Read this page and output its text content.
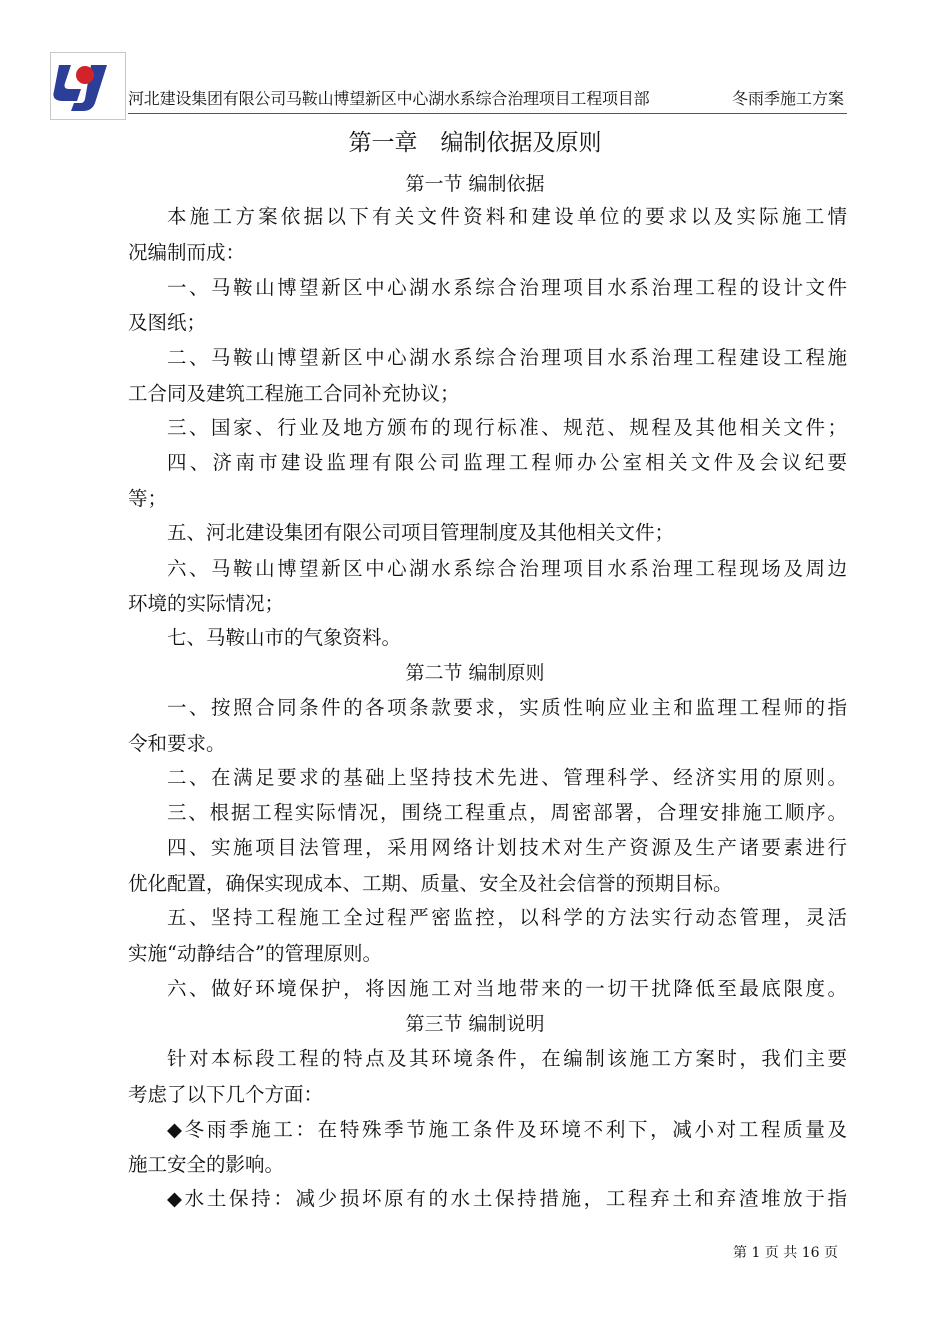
河北建设集团有限公司马鞍山博望新区中心湖水系综合治理项目工程项目部	冬雨季施工方案
第一章　编制依据及原则
第一节 编制依据
本施工方案依据以下有关文件资料和建设单位的要求以及实际施工情
况编制而成：
一、马鞍山博望新区中心湖水系综合治理项目水系治理工程的设计文件
及图纸；
二、马鞍山博望新区中心湖水系综合治理项目水系治理工程建设工程施
工合同及建筑工程施工合同补充协议；
三、国家、行业及地方颁布的现行标准、规范、规程及其他相关文件；
四、济南市建设监理有限公司监理工程师办公室相关文件及会议纪要
等；
五、河北建设集团有限公司项目管理制度及其他相关文件；
六、马鞍山博望新区中心湖水系综合治理项目水系治理工程现场及周边
环境的实际情况；
七、马鞍山市的气象资料。
第二节 编制原则
一、按照合同条件的各项条款要求，实质性响应业主和监理工程师的指
令和要求。
二、在满足要求的基础上坚持技术先进、管理科学、经济实用的原则。
三、根据工程实际情况，围绕工程重点，周密部署，合理安排施工顺序。
四、实施项目法管理，采用网络计划技术对生产资源及生产诸要素进行
优化配置，确保实现成本、工期、质量、安全及社会信誉的预期目标。
五、坚持工程施工全过程严密监控，以科学的方法实行动态管理，灵活
实施“动静结合”的管理原则。
六、做好环境保护，将因施工对当地带来的一切干扰降低至最底限度。
第三节 编制说明
针对本标段工程的特点及其环境条件，在编制该施工方案时，我们主要
考虑了以下几个方面：
◆冬雨季施工：在特殊季节施工条件及环境不利下，减小对工程质量及
施工安全的影响。
◆水土保持：减少损坏原有的水土保持措施，工程弃土和弃渣堆放于指
第 1 页 共 16 页
